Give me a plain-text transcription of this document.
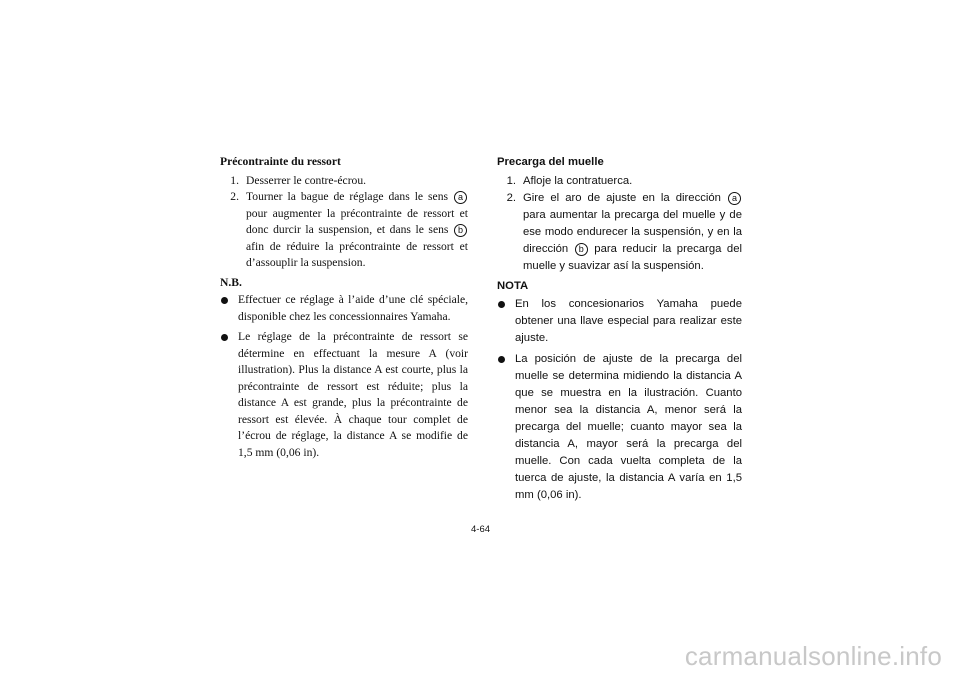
Précontrainte du ressort
1. Desserrer le contre-écrou.
2. Tourner la bague de réglage dans le sens a pour augmenter la précontrainte de ressort et donc durcir la suspension, et dans le sens b afin de réduire la précontrainte de ressort et d’assouplir la suspension.
N.B.
Effectuer ce réglage à l’aide d’une clé spéciale, disponible chez les concessionnaires Yamaha.
Le réglage de la précontrainte de ressort se détermine en effectuant la mesure A (voir illustration). Plus la distance A est courte, plus la précontrainte de ressort est réduite; plus la distance A est grande, plus la précontrainte de ressort est élevée. À chaque tour complet de l’écrou de réglage, la distance A se modifie de 1,5 mm (0,06 in).
Precarga del muelle
1. Afloje la contratuerca.
2. Gire el aro de ajuste en la dirección a para aumentar la precarga del muelle y de ese modo endurecer la suspensión, y en la dirección b para reducir la precarga del muelle y suavizar así la suspensión.
NOTA
En los concesionarios Yamaha puede obtener una llave especial para realizar este ajuste.
La posición de ajuste de la precarga del muelle se determina midiendo la distancia A que se muestra en la ilustración. Cuanto menor sea la distancia A, menor será la precarga del muelle; cuanto mayor sea la distancia A, mayor será la precarga del muelle. Con cada vuelta completa de la tuerca de ajuste, la distancia A varía en 1,5 mm (0,06 in).
4-64
carmanualsonline.info
